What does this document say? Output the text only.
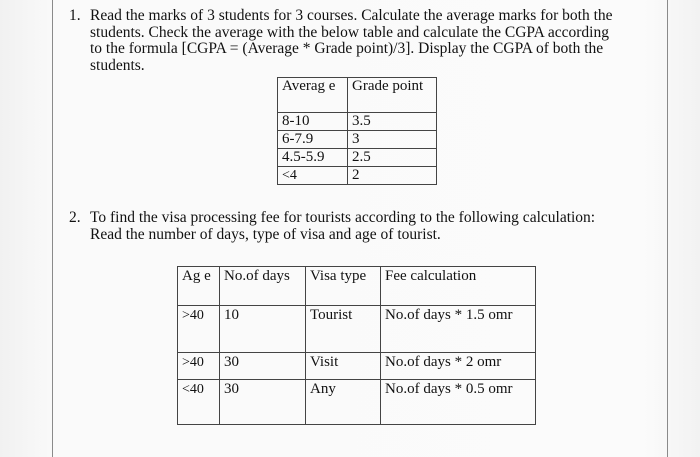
1. Read the marks of 3 students for 3 courses. Calculate the average marks for both the
students. Check the average with the below table and calculate the CGPA according
to the formula [CGPA = (Average * Grade point)/3]. Display the CGPA of both the
students.
Averag e	Grade point
8-10	3.5
6-7.9	3
4.5-5.9	2.5
<4	2
2. To find the visa processing fee for tourists according to the following calculation:
Read the number of days, type of visa and age of tourist.
Ag e	No.of days	Visa type	Fee calculation
>40	10	Tourist	No.of days * 1.5 omr
>40	30	Visit	No.of days * 2 omr
<40	30	Any	No.of days * 0.5 omr
